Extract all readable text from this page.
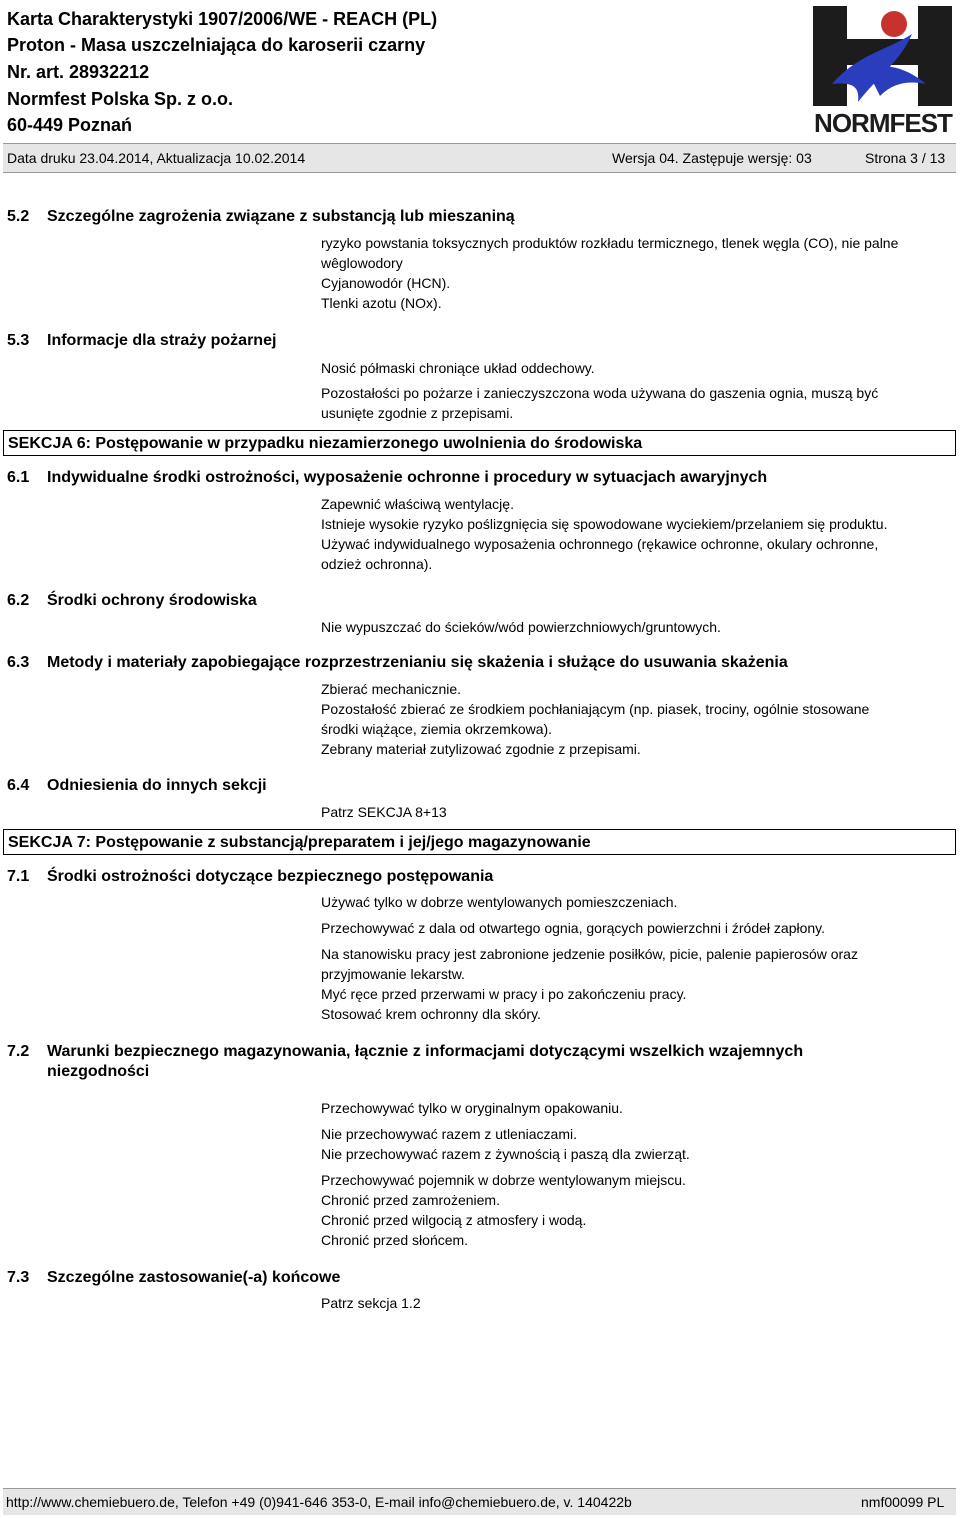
Karta Charakterystyki 1907/2006/WE - REACH (PL)
Proton - Masa uszczelniająca do karoserii czarny
Nr. art. 28932212
Normfest Polska Sp. z o.o.
60-449 Poznań	NORMFEST
Data druku 23.04.2014, Aktualizacja 10.02.2014	Wersja 04. Zastępuje wersję: 03	Strona 3 / 13
5.2 Szczególne zagrożenia związane z substancją lub mieszaniną
ryzyko powstania toksycznych produktów rozkładu termicznego, tlenek węgla (CO), nie palne
wêglowodory
Cyjanowodór (HCN).
Tlenki azotu (NOx).
5.3 Informacje dla straży pożarnej
Nosić półmaski chroniące układ oddechowy.
Pozostałości po pożarze i zanieczyszczona woda używana do gaszenia ognia, muszą być
usunięte zgodnie z przepisami.
SEKCJA 6: Postępowanie w przypadku niezamierzonego uwolnienia do środowiska
6.1 Indywidualne środki ostrożności, wyposażenie ochronne i procedury w sytuacjach awaryjnych
Zapewnić właściwą wentylację.
Istnieje wysokie ryzyko poślizgnięcia się spowodowane wyciekiem/przelaniem się produktu.
Używać indywidualnego wyposażenia ochronnego (rękawice ochronne, okulary ochronne,
odzież ochronna).
6.2 Środki ochrony środowiska
Nie wypuszczać do ścieków/wód powierzchniowych/gruntowych.
6.3 Metody i materiały zapobiegające rozprzestrzenianiu się skażenia i służące do usuwania skażenia
Zbierać mechanicznie.
Pozostałość zbierać ze środkiem pochłaniającym (np. piasek, trociny, ogólnie stosowane
środki wiążące, ziemia okrzemkowa).
Zebrany materiał zutylizować zgodnie z przepisami.
6.4 Odniesienia do innych sekcji
Patrz SEKCJA 8+13
SEKCJA 7: Postępowanie z substancją/preparatem i jej/jego magazynowanie
7.1 Środki ostrożności dotyczące bezpiecznego postępowania
Używać tylko w dobrze wentylowanych pomieszczeniach.
Przechowywać z dala od otwartego ognia, gorących powierzchni i źródeł zapłony.
Na stanowisku pracy jest zabronione jedzenie posiłków, picie, palenie papierosów oraz
przyjmowanie lekarstw.
Myć ręce przed przerwami w pracy i po zakończeniu pracy.
Stosować krem ochronny dla skóry.
7.2 Warunki bezpiecznego magazynowania, łącznie z informacjami dotyczącymi wszelkich wzajemnych
niezgodności
Przechowywać tylko w oryginalnym opakowaniu.
Nie przechowywać razem z utleniaczami.
Nie przechowywać razem z żywnością i paszą dla zwierząt.
Przechowywać pojemnik w dobrze wentylowanym miejscu.
Chronić przed zamrożeniem.
Chronić przed wilgocią z atmosfery i wodą.
Chronić przed słońcem.
7.3 Szczególne zastosowanie(-a) końcowe
Patrz sekcja 1.2
http://www.chemiebuero.de, Telefon +49 (0)941-646 353-0, E-mail info@chemiebuero.de, v. 140422b	nmf00099 PL
